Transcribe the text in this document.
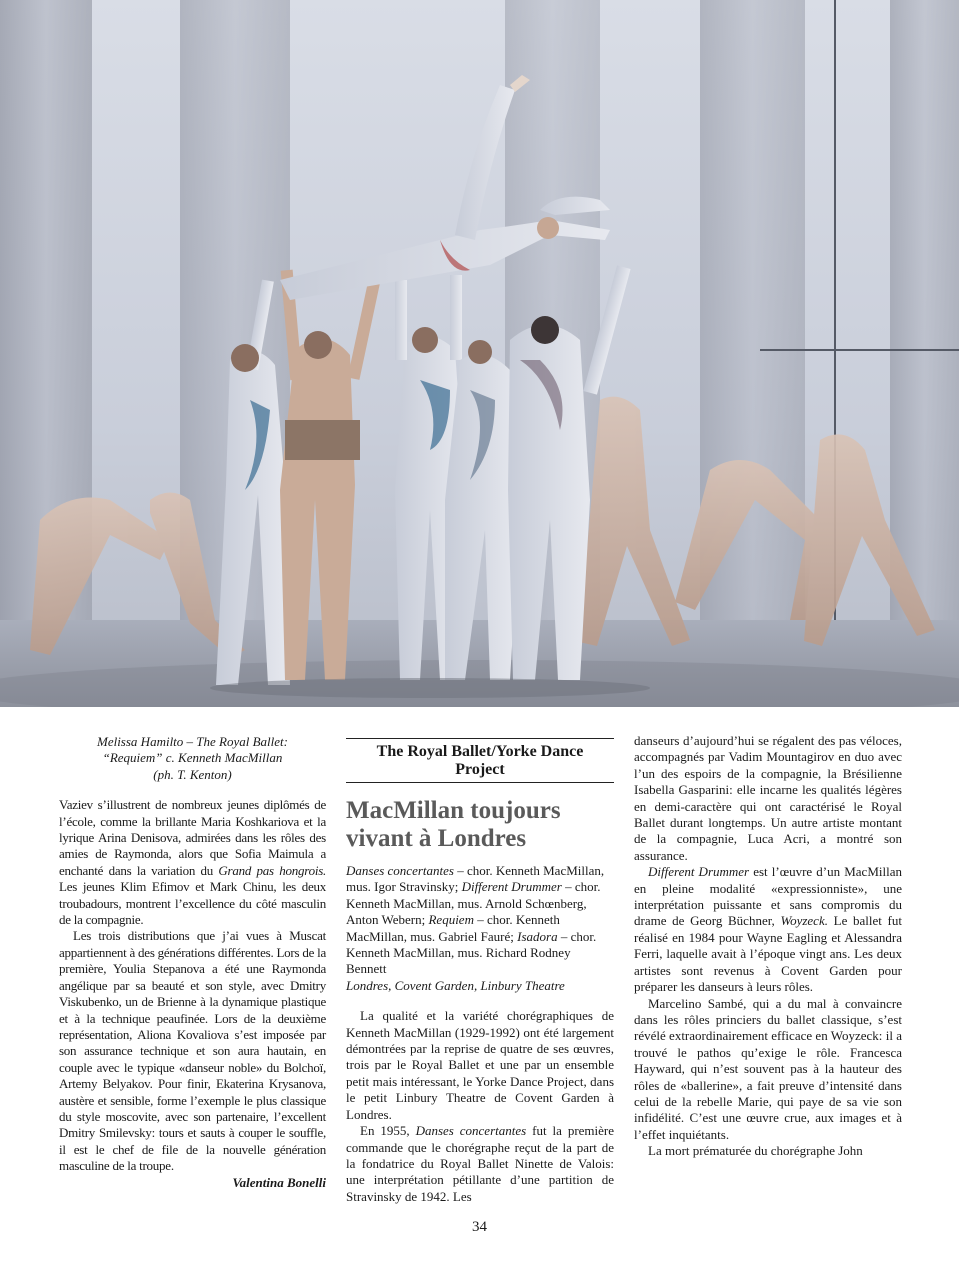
Melissa Hamilto – The Royal Ballet:
“Requiem” c. Kenneth MacMillan
(ph. T. Kenton)

Vaziev s’illustrent de nombreux jeunes diplômés de l’école, comme la brillante Maria Koshkariova et la lyrique Arina Denisova, admirées dans les rôles des amies de Raymonda, alors que Sofia Maimula a enchanté dans la variation du Grand pas hongrois. Les jeunes Klim Efimov et Mark Chinu, les deux troubadours, montrent l’excellence du côté masculin de la compagnie.

Les trois distributions que j’ai vues à Muscat appartiennent à des générations différentes. Lors de la première, Youlia Stepanova a été une Raymonda angélique par sa beauté et son style, avec Dmitry Viskubenko, un de Brienne à la dynamique plastique et à la technique peaufinée. Lors de la deuxième représentation, Aliona Kovaliova s’est imposée par son assurance technique et son aura hautain, en couple avec le typique «danseur noble» du Bolchoï, Artemy Belyakov. Pour finir, Ekaterina Krysanova, austère et sensible, forme l’exemple le plus classique du style moscovite, avec son partenaire, l’excellent Dmitry Smilevsky: tours et sauts à couper le souffle, il est le chef de file de la nouvelle génération masculine de la troupe.

Valentina Bonelli

The Royal Ballet/Yorke Dance Project

MacMillan toujours vivant à Londres

Danses concertantes – chor. Kenneth MacMillan, mus. Igor Stravinsky; Different Drummer – chor. Kenneth MacMillan, mus. Arnold Schœnberg, Anton Webern; Requiem – chor. Kenneth MacMillan, mus. Gabriel Fauré; Isadora – chor. Kenneth MacMillan, mus. Richard Rodney Bennett

Londres, Covent Garden, Linbury Theatre

La qualité et la variété chorégraphiques de Kenneth MacMillan (1929-1992) ont été largement démontrées par la reprise de quatre de ses œuvres, trois par le Royal Ballet et une par un ensemble petit mais intéressant, le Yorke Dance Project, dans le petit Linbury Theatre de Covent Garden à Londres.

En 1955, Danses concertantes fut la première commande que le chorégraphe reçut de la part de la fondatrice du Royal Ballet Ninette de Valois: une interprétation pétillante d’une partition de Stravinsky de 1942. Les

danseurs d’aujourd’hui se régalent des pas véloces, accompagnés par Vadim Mountagirov en duo avec l’un des espoirs de la compagnie, la Brésilienne Isabella Gasparini: elle incarne les qualités légères en demi-caractère qui ont caractérisé le Royal Ballet durant longtemps. Un autre artiste montant de la compagnie, Luca Acri, a montré son assurance.

Different Drummer est l’œuvre d’un MacMillan en pleine modalité «expressionniste», une interprétation puissante et sans compromis du drame de Georg Büchner, Woyzeck. Le ballet fut réalisé en 1984 pour Wayne Eagling et Alessandra Ferri, laquelle avait à l’époque vingt ans. Les deux artistes sont revenus à Covent Garden pour préparer les danseurs à leurs rôles.

Marcelino Sambé, qui a du mal à convaincre dans les rôles princiers du ballet classique, s’est révélé extraordinairement efficace en Woyzeck: il a trouvé le pathos qu’exige le rôle. Francesca Hayward, qui n’est souvent pas à la hauteur des rôles de «ballerine», a fait preuve d’intensité dans celui de la rebelle Marie, qui paye de sa vie son infidélité. C’est une œuvre crue, aux images et à l’effet inquiétants.

La mort prématurée du chorégraphe John

34
